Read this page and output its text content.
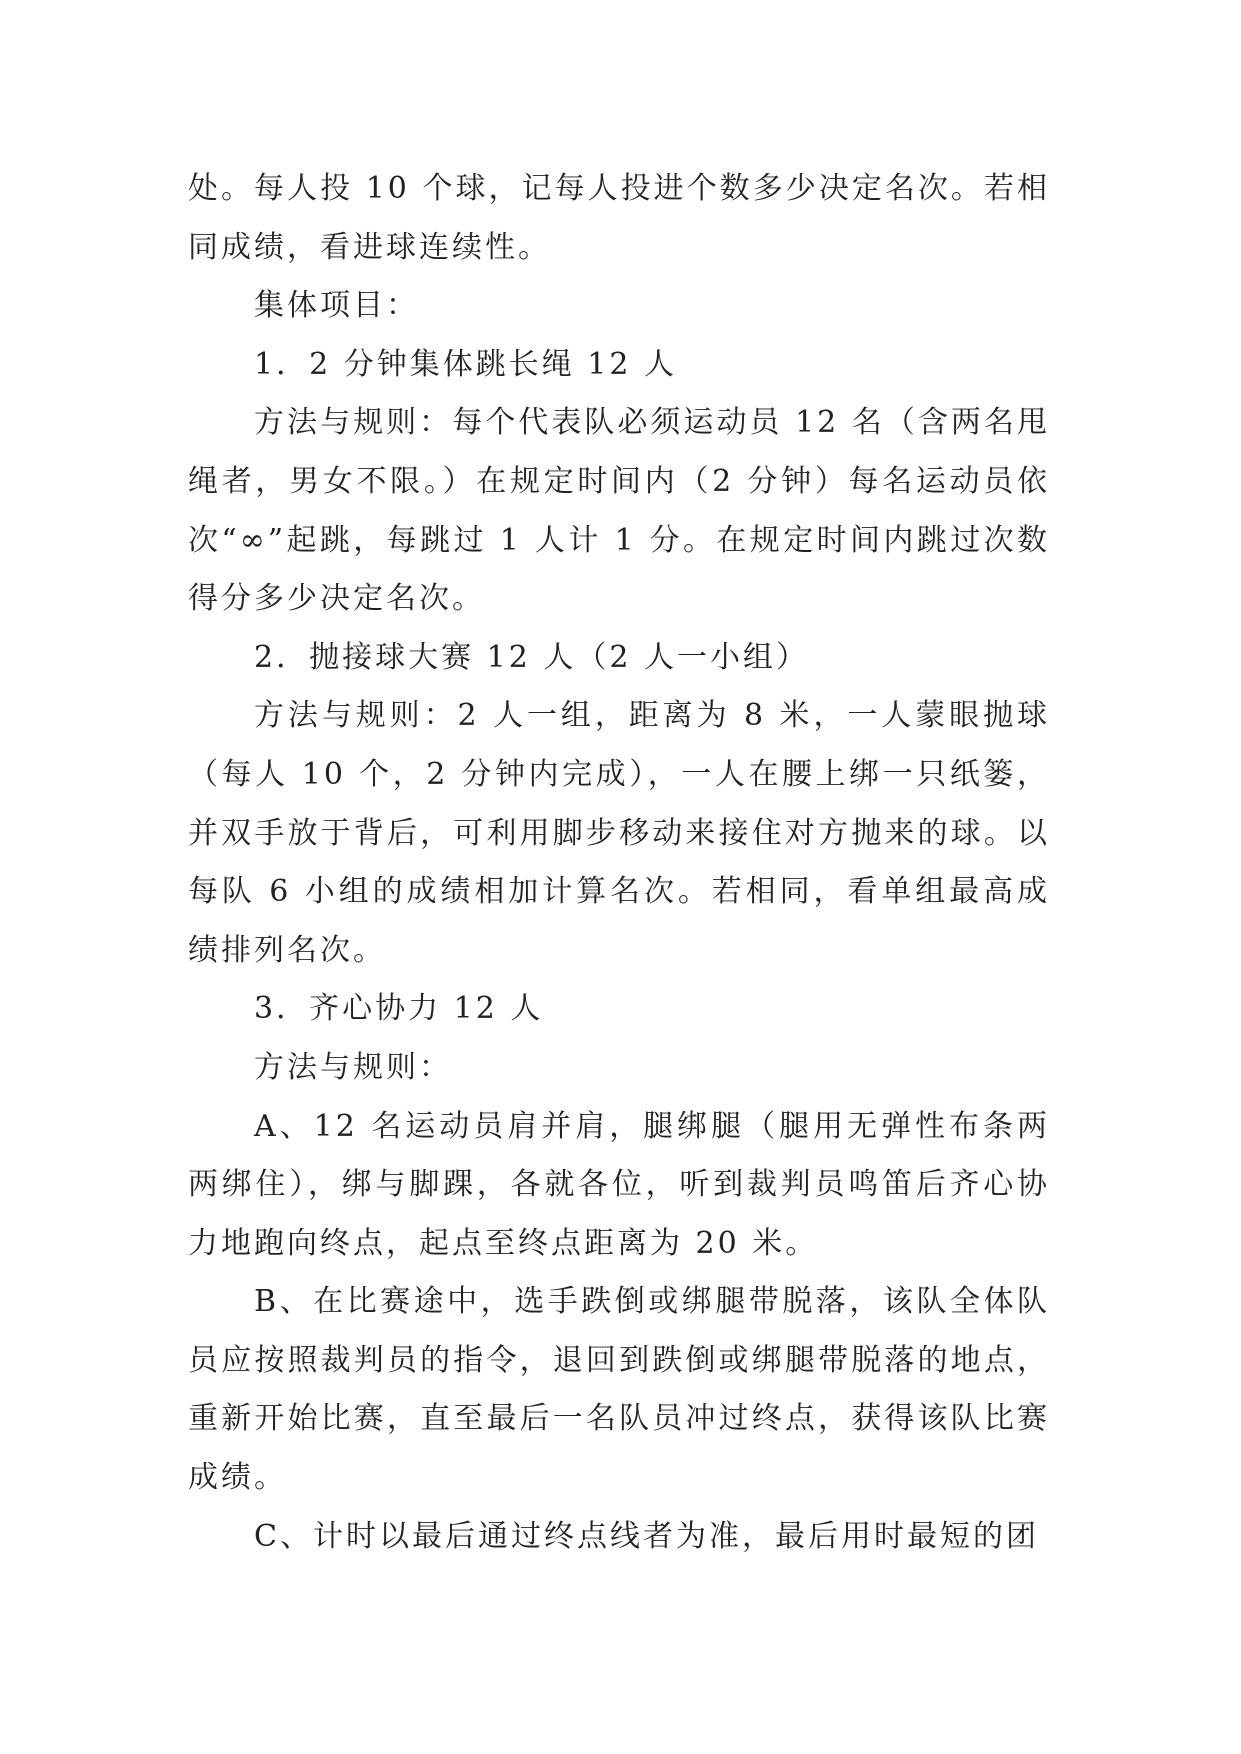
处。每人投 10 个球，记每人投进个数多少决定名次。若相同成绩，看进球连续性。

集体项目：

1．2 分钟集体跳长绳 12 人

方法与规则：每个代表队必须运动员 12 名（含两名甩绳者，男女不限。）在规定时间内（2 分钟）每名运动员依次“∞”起跳，每跳过 1 人计 1 分。在规定时间内跳过次数得分多少决定名次。

2．抛接球大赛 12 人（2 人一小组）

方法与规则：2 人一组，距离为 8 米，一人蒙眼抛球（每人 10 个，2 分钟内完成），一人在腰上绑一只纸篓，并双手放于背后，可利用脚步移动来接住对方抛来的球。以每队 6 小组的成绩相加计算名次。若相同，看单组最高成绩排列名次。

3．齐心协力 12 人

方法与规则：

A、12 名运动员肩并肩，腿绑腿（腿用无弹性布条两两绑住），绑与脚踝，各就各位，听到裁判员鸣笛后齐心协力地跑向终点，起点至终点距离为 20 米。

B、在比赛途中，选手跌倒或绑腿带脱落，该队全体队员应按照裁判员的指令，退回到跌倒或绑腿带脱落的地点，重新开始比赛，直至最后一名队员冲过终点，获得该队比赛成绩。

C、计时以最后通过终点线者为准，最后用时最短的团
